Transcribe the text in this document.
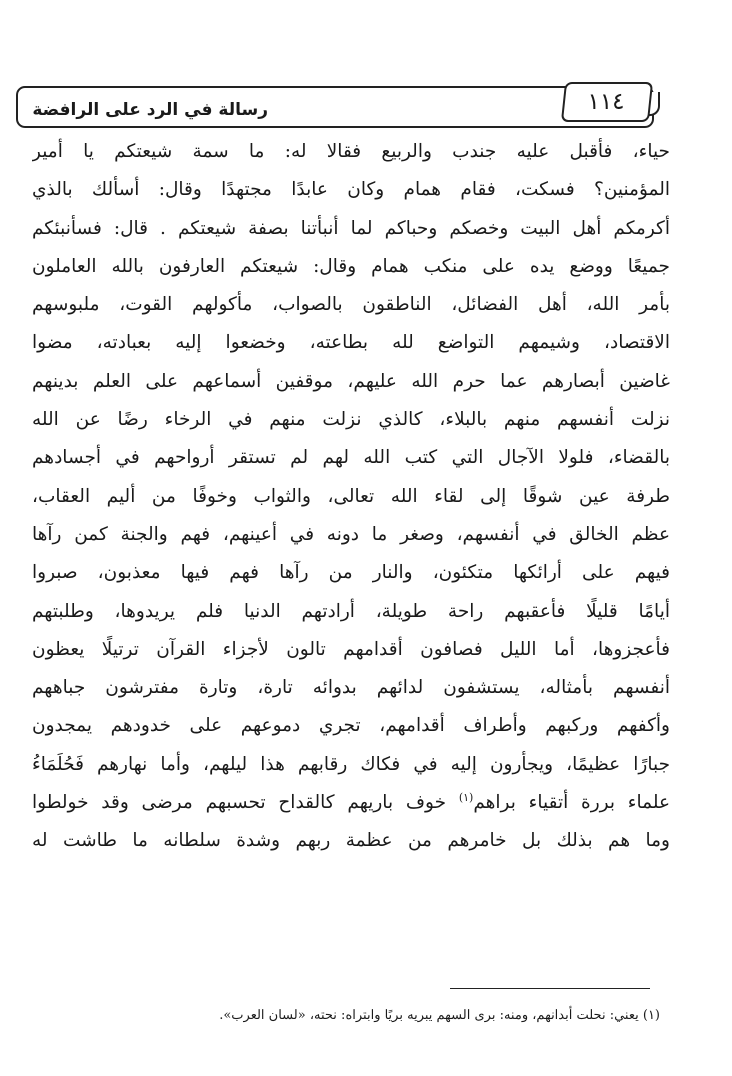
رسالة في الرد على الرافضة	١١٤
حياء، فأقبل عليه جندب والربيع فقالا له: ما سمة شيعتكم يا أمير
المؤمنين؟ فسكت، فقام همام وكان عابدًا مجتهدًا وقال: أسألك بالذي
أكرمكم أهل البيت وخصكم وحباكم لما أنبأتنا بصفة شيعتكم . قال: فسأنبئكم
جميعًا ووضع يده على منكب همام وقال: شيعتكم العارفون بالله العاملون
بأمر الله، أهل الفضائل، الناطقون بالصواب، مأكولهم القوت، ملبوسهم
الاقتصاد، وشيمهم التواضع لله بطاعته، وخضعوا إليه بعبادته، مضوا
غاضين أبصارهم عما حرم الله عليهم، موقفين أسماعهم على العلم بدينهم
نزلت أنفسهم منهم بالبلاء، كالذي نزلت منهم في الرخاء رضًا عن الله
بالقضاء، فلولا الآجال التي كتب الله لهم لم تستقر أرواحهم في أجسادهم
طرفة عين شوقًا إلى لقاء الله تعالى، والثواب وخوفًا من أليم العقاب،
عظم الخالق في أنفسهم، وصغر ما دونه في أعينهم، فهم والجنة كمن رآها
فيهم على أرائكها متكئون، والنار من رآها فهم فيها معذبون، صبروا
أيامًا قليلًا فأعقبهم راحة طويلة، أرادتهم الدنيا فلم يريدوها، وطلبتهم
فأعجزوها، أما الليل فصافون أقدامهم تالون لأجزاء القرآن ترتيلًا يعظون
أنفسهم بأمثاله، يستشفون لدائهم بدوائه تارة، وتارة مفترشون جباههم
وأكفهم وركبهم وأطراف أقدامهم، تجري دموعهم على خدودهم يمجدون
جبارًا عظيمًا، ويجأرون إليه في فكاك رقابهم هذا ليلهم، وأما نهارهم فَحُلَمَاءُ
علماء بررة أتقياء براهم$^{(١)}$ خوف باريهم كالقداح تحسبهم مرضى وقد خولطوا
وما هم بذلك بل خامرهم من عظمة ربهم وشدة سلطانه ما طاشت له
(١) يعني: نحلت أبدانهم، ومنه: برى السهم يبريه بريًا وابتراه: نحته، «لسان العرب».
